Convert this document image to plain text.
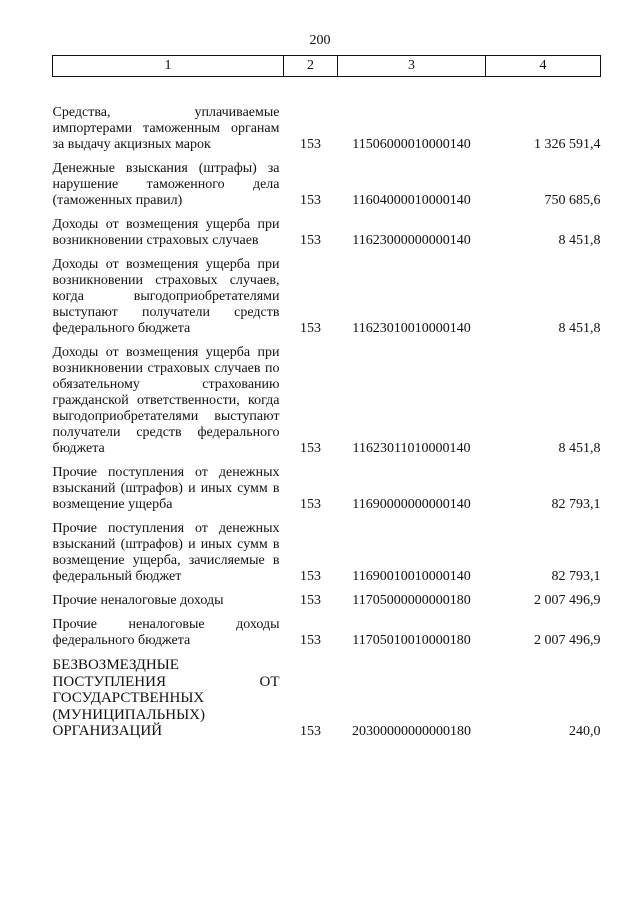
200
1	2	3	4
Средства, уплачиваемые импортерами таможенным органам за выдачу акцизных марок	153	11506000010000140	1 326 591,4

Денежные взыскания (штрафы) за нарушение таможенного дела (таможенных правил)	153	11604000010000140	750 685,6

Доходы от возмещения ущерба при возникновении страховых случаев	153	11623000000000140	8 451,8

Доходы от возмещения ущерба при возникновении страховых случаев, когда выгодоприобретателями выступают получатели средств федерального бюджета	153	11623010010000140	8 451,8

Доходы от возмещения ущерба при возникновении страховых случаев по обязательному страхованию гражданской ответственности, когда выгодоприобретателями выступают получатели средств федерального бюджета	153	11623011010000140	8 451,8

Прочие поступления от денежных взысканий (штрафов) и иных сумм в возмещение ущерба	153	11690000000000140	82 793,1

Прочие поступления от денежных взысканий (штрафов) и иных сумм в возмещение ущерба, зачисляемые в федеральный бюджет	153	11690010010000140	82 793,1

Прочие неналоговые доходы	153	11705000000000180	2 007 496,9

Прочие неналоговые доходы федерального бюджета	153	11705010010000180	2 007 496,9

БЕЗВОЗМЕЗДНЫЕ ПОСТУПЛЕНИЯ ОТ ГОСУДАРСТВЕННЫХ (МУНИЦИПАЛЬНЫХ) ОРГАНИЗАЦИЙ	153	20300000000000180	240,0
